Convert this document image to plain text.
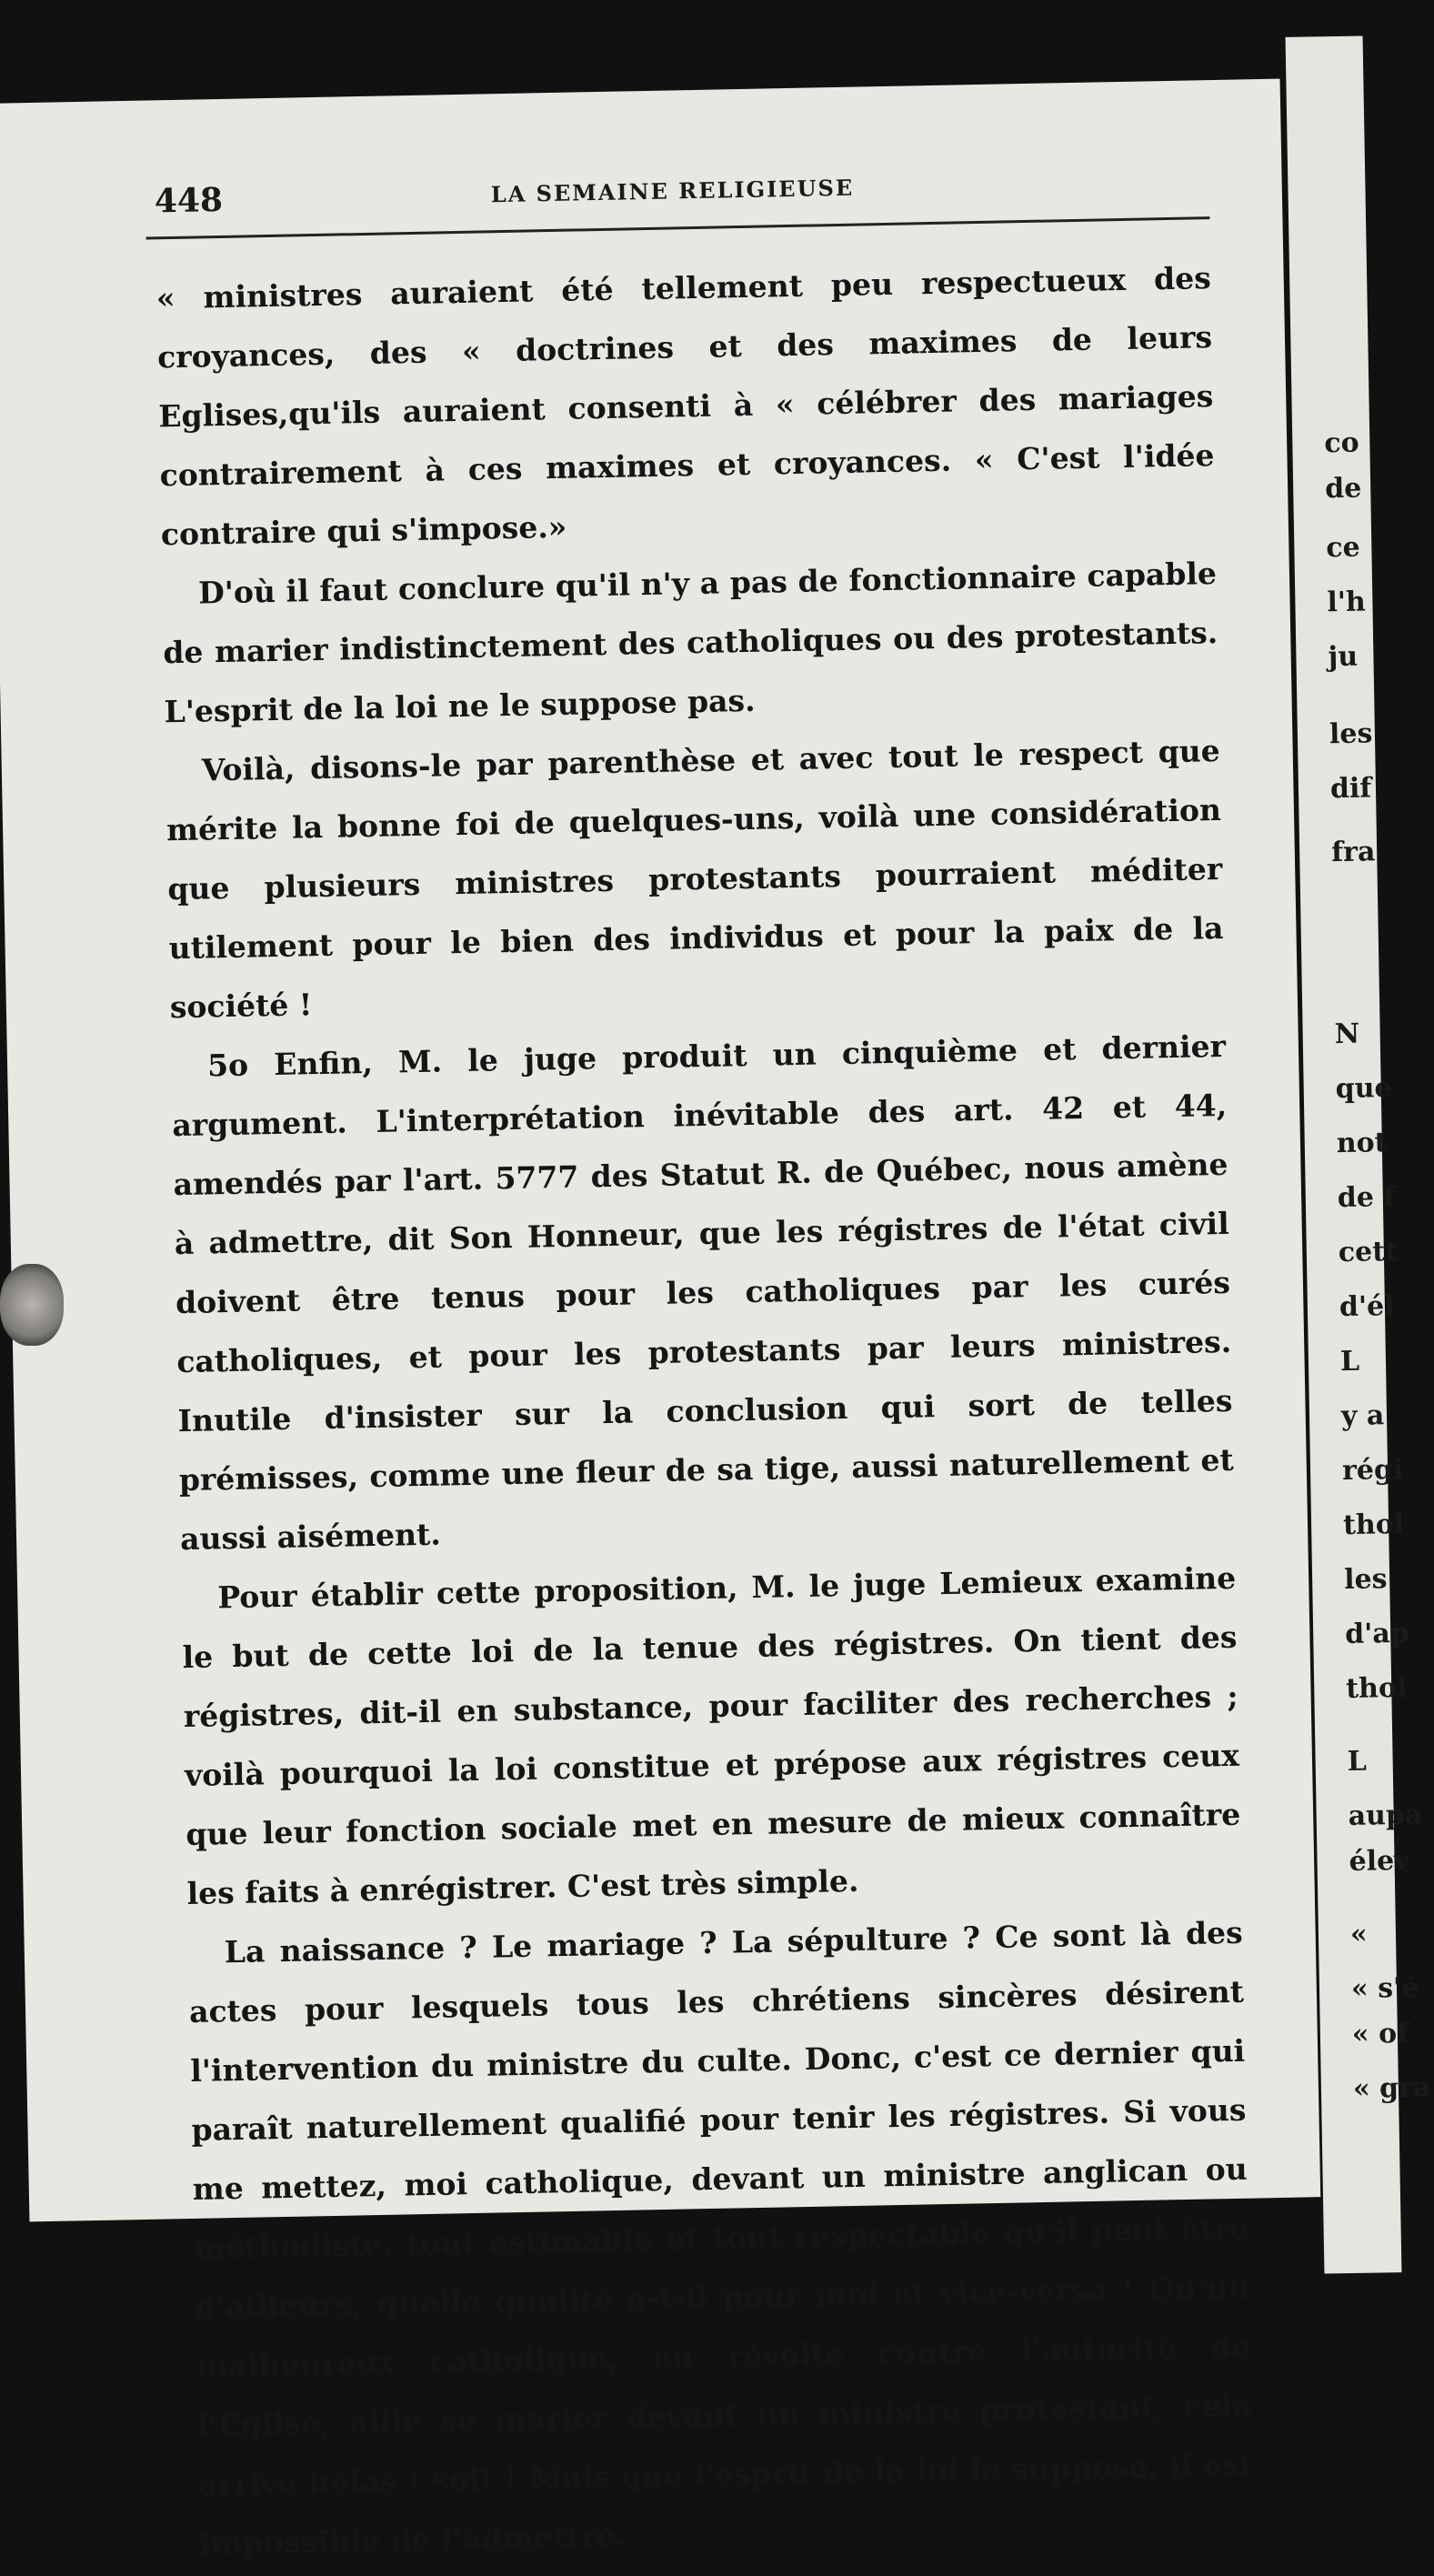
448	LA SEMAINE RELIGIEUSE

« ministres auraient été tellement peu respectueux des croyances, des « doctrines et des maximes de leurs Eglises,qu'ils auraient consenti à « célébrer des mariages contrairement à ces maximes et croyances. « C'est l'idée contraire qui s'impose.»

D'où il faut conclure qu'il n'y a pas de fonctionnaire capable de marier indistinctement des catholiques ou des protestants. L'esprit de la loi ne le suppose pas.

Voilà, disons-le par parenthèse et avec tout le respect que mérite la bonne foi de quelques-uns, voilà une considération que plusieurs ministres protestants pourraient méditer utilement pour le bien des individus et pour la paix de la société !

5o Enfin, M. le juge produit un cinquième et dernier argument. L'interprétation inévitable des art. 42 et 44, amendés par l'art. 5777 des Statut R. de Québec, nous amène à admettre, dit Son Honneur, que les régistres de l'état civil doivent être tenus pour les catholiques par les curés catholiques, et pour les protestants par leurs ministres. Inutile d'insister sur la conclusion qui sort de telles prémisses, comme une fleur de sa tige, aussi naturellement et aussi aisément.

Pour établir cette proposition, M. le juge Lemieux examine le but de cette loi de la tenue des régistres. On tient des régistres, dit-il en substance, pour faciliter des recherches ; voilà pourquoi la loi constitue et prépose aux régistres ceux que leur fonction sociale met en mesure de mieux connaître les faits à enrégistrer. C'est très simple.

La naissance ? Le mariage ? La sépulture ? Ce sont là des actes pour lesquels tous les chrétiens sincères désirent l'intervention du ministre du culte. Donc, c'est ce dernier qui paraît naturellement qualifié pour tenir les régistres. Si vous me mettez, moi catholique, devant un ministre anglican ou méthodiste, tout estimable et tout respectable qu'il peut être d'ailleurs, quelle qualité a-t-il pour moi et vice-versa ! Qu'un malheureux catholique, en révolte contre l'autorité de l'Eglise, aille se marier devant un ministre protestant, cela arrive hélas ! soit ! Mais que l'esprit de la loi le suppose, il est impossible de l'admettre.

co
de
ce
l'h
ju
les
dif
fra
N
que
not
de f
cett
d'él
L
y a
régi
thol
les
d'ap
thol
L
aupa
élev
«
« s'é
« of
« gra
